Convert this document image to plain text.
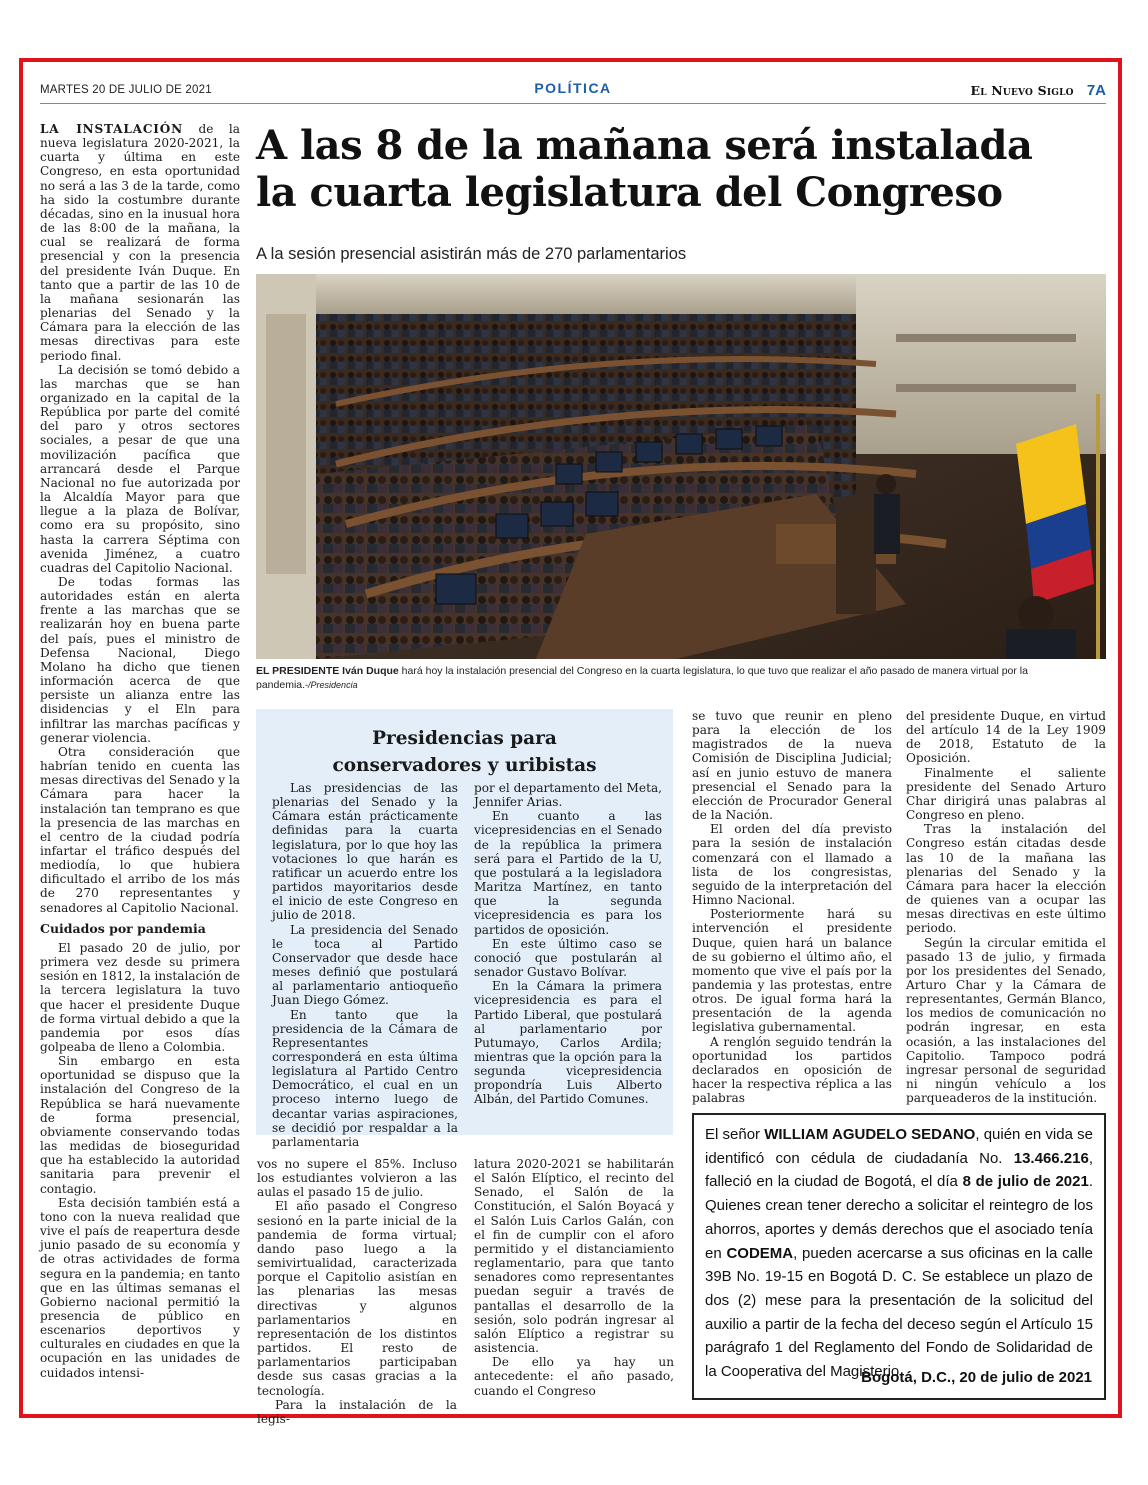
MARTES 20 DE JULIO DE 2021	POLÍTICA	El Nuevo Siglo 7A

LA INSTALACIÓN de la nueva legislatura 2020-2021, la cuarta y última en este Congreso, en esta oportunidad no será a las 3 de la tarde, como ha sido la costumbre durante décadas, sino en la inusual hora de las 8:00 de la mañana, la cual se realizará de forma presencial y con la presencia del presidente Iván Duque. En tanto que a partir de las 10 de la mañana sesionarán las plenarias del Senado y la Cámara para la elección de las mesas directivas para este periodo final.

La decisión se tomó debido a las marchas que se han organizado en la capital de la República por parte del comité del paro y otros sectores sociales, a pesar de que una movilización pacífica que arrancará desde el Parque Nacional no fue autorizada por la Alcaldía Mayor para que llegue a la plaza de Bolívar, como era su propósito, sino hasta la carrera Séptima con avenida Jiménez, a cuatro cuadras del Capitolio Nacional.

De todas formas las autoridades están en alerta frente a las marchas que se realizarán hoy en buena parte del país, pues el ministro de Defensa Nacional, Diego Molano ha dicho que tienen información acerca de que persiste un alianza entre las disidencias y el Eln para infiltrar las marchas pacíficas y generar violencia.

Otra consideración que habrían tenido en cuenta las mesas directivas del Senado y la Cámara para hacer la instalación tan temprano es que la presencia de las marchas en el centro de la ciudad podría infartar el tráfico después del mediodía, lo que hubiera dificultado el arribo de los más de 270 representantes y senadores al Capitolio Nacional.

Cuidados por pandemia

El pasado 20 de julio, por primera vez desde su primera sesión en 1812, la instalación de la tercera legislatura la tuvo que hacer el presidente Duque de forma virtual debido a que la pandemia por esos días golpeaba de lleno a Colombia.

Sin embargo en esta oportunidad se dispuso que la instalación del Congreso de la República se hará nuevamente de forma presencial, obviamente conservando todas las medidas de bioseguridad que ha establecido la autoridad sanitaria para prevenir el contagio.

Esta decisión también está a tono con la nueva realidad que vive el país de reapertura desde junio pasado de su economía y de otras actividades de forma segura en la pandemia; en tanto que en las últimas semanas el Gobierno nacional permitió la presencia de público en escenarios deportivos y culturales en ciudades en que la ocupación en las unidades de cuidados intensi-

A las 8 de la mañana será instalada
la cuarta legislatura del Congreso
A la sesión presencial asistirán más de 270 parlamentarios
EL PRESIDENTE Iván Duque hará hoy la instalación presencial del Congreso en la cuarta legislatura, lo que tuvo que realizar el año pasado de manera virtual por la pandemia.-/Presidencia
Presidencias para
conservadores y uribistas

Las presidencias de las plenarias del Senado y la Cámara están prácticamente definidas para la cuarta legislatura, por lo que hoy las votaciones lo que harán es ratificar un acuerdo entre los partidos mayoritarios desde el inicio de este Congreso en julio de 2018.

La presidencia del Senado le toca al Partido Conservador que desde hace meses definió que postulará al parlamentario antioqueño Juan Diego Gómez.

En tanto que la presidencia de la Cámara de Representantes corresponderá en esta última legislatura al Partido Centro Democrático, el cual en un proceso interno luego de decantar varias aspiraciones, se decidió por respaldar a la parlamentaria

por el departamento del Meta, Jennifer Arias.

En cuanto a las vicepresidencias en el Senado de la república la primera será para el Partido de la U, que postulará a la legisladora Maritza Martínez, en tanto que la segunda vicepresidencia es para los partidos de oposición.

En este último caso se conoció que postularán al senador Gustavo Bolívar.

En la Cámara la primera vicepresidencia es para el Partido Liberal, que postulará al parlamentario por Putumayo, Carlos Ardila; mientras que la opción para la segunda vicepresidencia propondría Luis Alberto Albán, del Partido Comunes.

vos no supere el 85%. Incluso los estudiantes volvieron a las aulas el pasado 15 de julio.

El año pasado el Congreso sesionó en la parte inicial de la pandemia de forma virtual; dando paso luego a la semivirtualidad, caracterizada porque el Capitolio asistían en las plenarias las mesas directivas y algunos parlamentarios en representación de los distintos partidos. El resto de parlamentarios participaban desde sus casas gracias a la tecnología.

Para la instalación de la legis-

latura 2020-2021 se habilitarán el Salón Elíptico, el recinto del Senado, el Salón de la Constitución, el Salón Boyacá y el Salón Luis Carlos Galán, con el fin de cumplir con el aforo permitido y el distanciamiento reglamentario, para que tanto senadores como representantes puedan seguir a través de pantallas el desarrollo de la sesión, solo podrán ingresar al salón Elíptico a registrar su asistencia.

De ello ya hay un antecedente: el año pasado, cuando el Congreso

se tuvo que reunir en pleno para la elección de los magistrados de la nueva Comisión de Disciplina Judicial; así en junio estuvo de manera presencial el Senado para la elección de Procurador General de la Nación.

El orden del día previsto para la sesión de instalación comenzará con el llamado a lista de los congresistas, seguido de la interpretación del Himno Nacional.

Posteriormente hará su intervención el presidente Duque, quien hará un balance de su gobierno el último año, el momento que vive el país por la pandemia y las protestas, entre otros. De igual forma hará la presentación de la agenda legislativa gubernamental.

A renglón seguido tendrán la oportunidad los partidos declarados en oposición de hacer la respectiva réplica a las palabras

del presidente Duque, en virtud del artículo 14 de la Ley 1909 de 2018, Estatuto de la Oposición.

Finalmente el saliente presidente del Senado Arturo Char dirigirá unas palabras al Congreso en pleno.

Tras la instalación del Congreso están citadas desde las 10 de la mañana las plenarias del Senado y la Cámara para hacer la elección de quienes van a ocupar las mesas directivas en este último periodo.

Según la circular emitida el pasado 13 de julio, y firmada por los presidentes del Senado, Arturo Char y la Cámara de representantes, Germán Blanco, los medios de comunicación no podrán ingresar, en esta ocasión, a las instalaciones del Capitolio. Tampoco podrá ingresar personal de seguridad ni ningún vehículo a los parqueaderos de la institución.

El señor WILLIAM AGUDELO SEDANO, quién en vida se identificó con cédula de ciudadanía No. 13.466.216, falleció en la ciudad de Bogotá, el día 8 de julio de 2021. Quienes crean tener derecho a solicitar el reintegro de los ahorros, aportes y demás derechos que el asociado tenía en CODEMA, pueden acercarse a sus oficinas en la calle 39B No. 19-15 en Bogotá D. C. Se establece un plazo de dos (2) mese para la presentación de la solicitud del auxilio a partir de la fecha del deceso según el Artículo 15 parágrafo 1 del Reglamento del Fondo de Solidaridad de la Cooperativa del Magisterio.
Bogotá, D.C., 20 de julio de 2021
